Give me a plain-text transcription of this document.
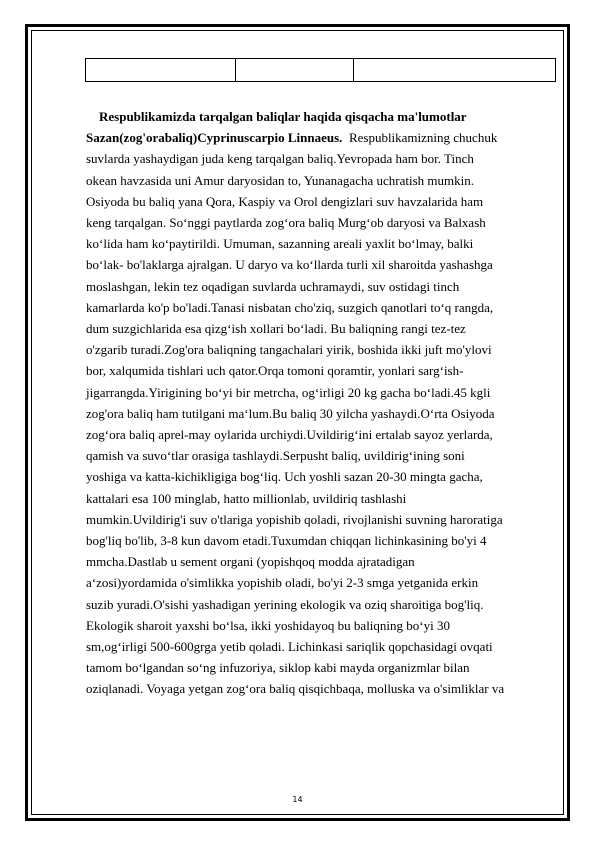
Respublikamizda tarqalgan baliqlar haqida qisqacha ma'lumotlar
Sazan(zog'orabaliq)Cyprinuscarpio Linnaeus.  Respublikamizning chuchuk
suvlarda yashaydigan juda keng tarqalgan baliq.Yevropada ham bor. Tinch
okean havzasida uni Amur daryosidan to, Yunanagacha uchratish mumkin.
Osiyoda bu baliq yana Qora, Kaspiy va Orol dengizlari suv havzalarida ham
keng tarqalgan. So‘nggi paytlarda zog‘ora baliq Murg‘ob daryosi va Balxash
ko‘lida ham ko‘paytirildi. Umuman, sazanning areali yaxlit bo‘lmay, balki
bo‘lak- bo'laklarga ajralgan. U daryo va ko‘llarda turli xil sharoitda yashashga
moslashgan, lekin tez oqadigan suvlarda uchramaydi, suv ostidagi tinch
kamarlarda ko'p bo'ladi.Tanasi nisbatan cho'ziq, suzgich qanotlari to‘q rangda,
dum suzgichlarida esa qizg‘ish xollari bo‘ladi. Bu baliqning rangi tez-tez
o'zgarib turadi.Zog'ora baliqning tangachalari yirik, boshida ikki juft mo'ylovi
bor, xalqumida tishlari uch qator.Orqa tomoni qoramtir, yonlari sarg‘ish-
jigarrangda.Yirigining bo‘yi bir metrcha, og‘irligi 20 kg gacha bo‘ladi.45 kgli
zog'ora baliq ham tutilgani ma‘lum.Bu baliq 30 yilcha yashaydi.O‘rta Osiyoda
zog‘ora baliq aprel-may oylarida urchiydi.Uvildirig‘ini ertalab sayoz yerlarda,
qamish va suvo‘tlar orasiga tashlaydi.Serpusht baliq, uvildirig‘ining soni
yoshiga va katta-kichikligiga bog‘liq. Uch yoshli sazan 20-30 mingta gacha,
kattalari esa 100 minglab, hatto millionlab, uvildiriq tashlashi
mumkin.Uvildirig'i suv o'tlariga yopishib qoladi, rivojlanishi suvning haroratiga
bog'liq bo'lib, 3-8 kun davom etadi.Tuxumdan chiqqan lichinkasining bo'yi 4
mmcha.Dastlab u sement organi (yopishqoq modda ajratadigan
a‘zosi)yordamida o'simlikka yopishib oladi, bo'yi 2-3 smga yetganida erkin
suzib yuradi.O'sishi yashadigan yerining ekologik va oziq sharoitiga bog'liq.
Ekologik sharoit yaxshi bo‘lsa, ikki yoshidayoq bu baliqning bo‘yi 30
sm,og‘irligi 500-600grga yetib qoladi. Lichinkasi sariqlik qopchasidagi ovqati
tamom bo‘lgandan so‘ng infuzoriya, siklop kabi mayda organizmlar bilan
oziqlanadi. Voyaga yetgan zog‘ora baliq qisqichbaqa, molluska va o'simliklar va
14
